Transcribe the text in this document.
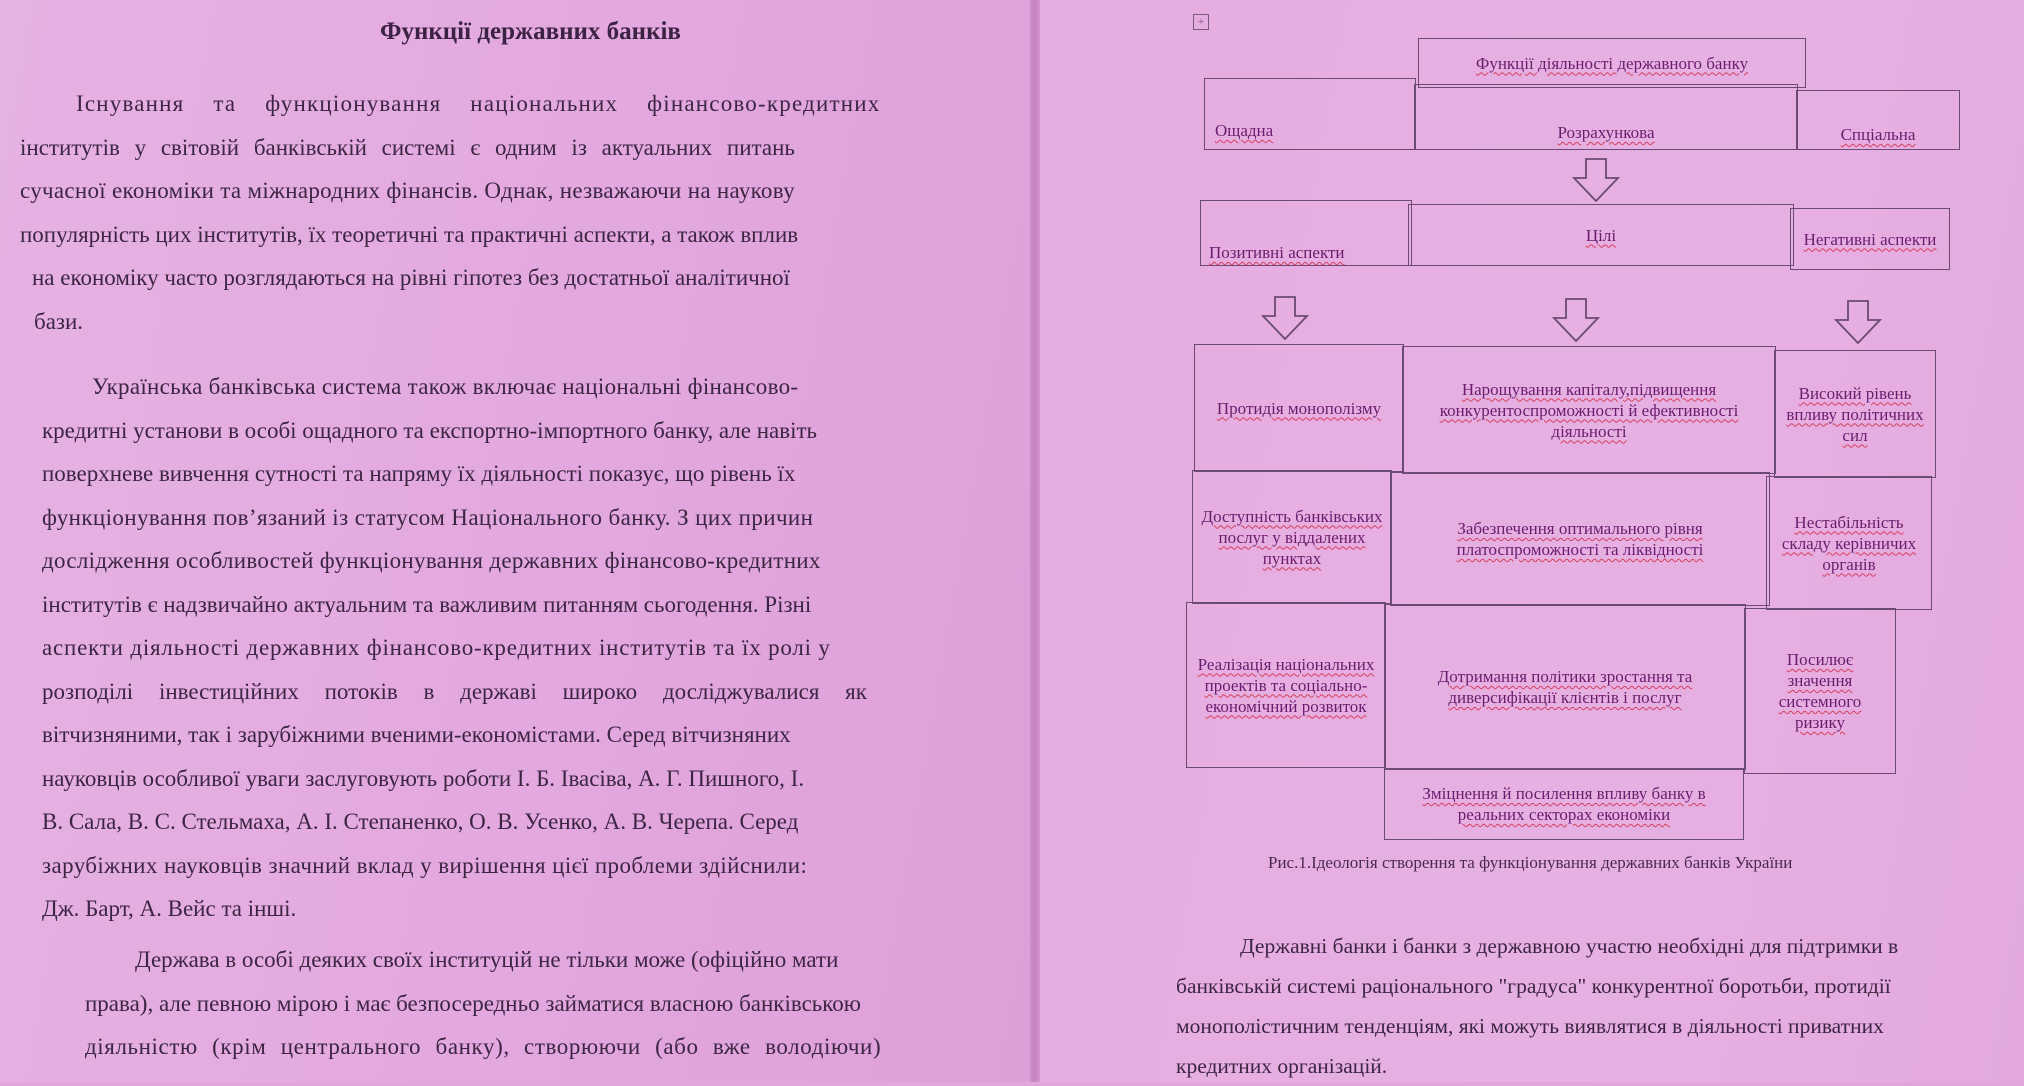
Функції державних банків
Існування та функціонування національних фінансово-кредитних
інститутів у світовій банківській системі є одним із актуальних питань
сучасної економіки та міжнародних фінансів. Однак, незважаючи на наукову
популярність цих інститутів, їх теоретичні та практичні аспекти, а також вплив
на економіку часто розглядаються на рівні гіпотез без достатньої аналітичної
бази.
Українська банківська система також включає національні фінансово-
кредитні установи в особі ощадного та експортно-імпортного банку, але навіть
поверхневе вивчення сутності та напряму їх діяльності показує, що рівень їх
функціонування пов’язаний із статусом Національного банку. З цих причин
дослідження особливостей функціонування державних фінансово-кредитних
інститутів є надзвичайно актуальним та важливим питанням сьогодення. Різні
аспекти діяльності державних фінансово-кредитних інститутів та їх ролі у
розподілі інвестиційних потоків в державі широко досліджувалися як
вітчизняними, так і зарубіжними вченими-економістами. Серед вітчизняних
науковців особливої уваги заслуговують роботи І. Б. Івасіва, А. Г. Пишного, І.
В. Сала, В. С. Стельмаха, А. І. Степаненко, О. В. Усенко, А. В. Черепа. Серед
зарубіжних науковців значний вклад у вирішення цієї проблеми здійснили:
Дж. Барт, А. Вейс та інші.
Держава в особі деяких своїх інституцій не тільки може (офіційно мати
права), але певною мірою і має безпосередньо займатися власною банківською
діяльністю (крім центрального банку), створюючи (або вже володіючи)
+
Функції діяльності державного банку
Ощадна	Розрахункова	Спціальна
Позитивні аспекти
Цілі	Негативні аспекти
Протидія монополізму
Нарощування капіталу,підвищення конкурентоспроможності й ефективності діяльності
Високий рівень впливу політичних сил
Доступність банківських послуг у віддалених пунктах
Забезпечення оптимального рівня платоспроможності та ліквідності
Нестабільність складу керівничих органів
Реалізація національних проектів та соціально-економічний розвиток
Дотримання політики зростання та диверсифікації клієнтів і послуг
Посилює значення системного ризику
Зміцнення й посилення впливу банку в реальних секторах економіки
Рис.1.Ідеологія створення та функціонування державних банків України
Державні банки і банки з державною участю необхідні для підтримки в
банківській системі раціонального "градуса" конкурентної боротьби, протидії
монополістичним тенденціям, які можуть виявлятися в діяльності приватних
кредитних організацій.
